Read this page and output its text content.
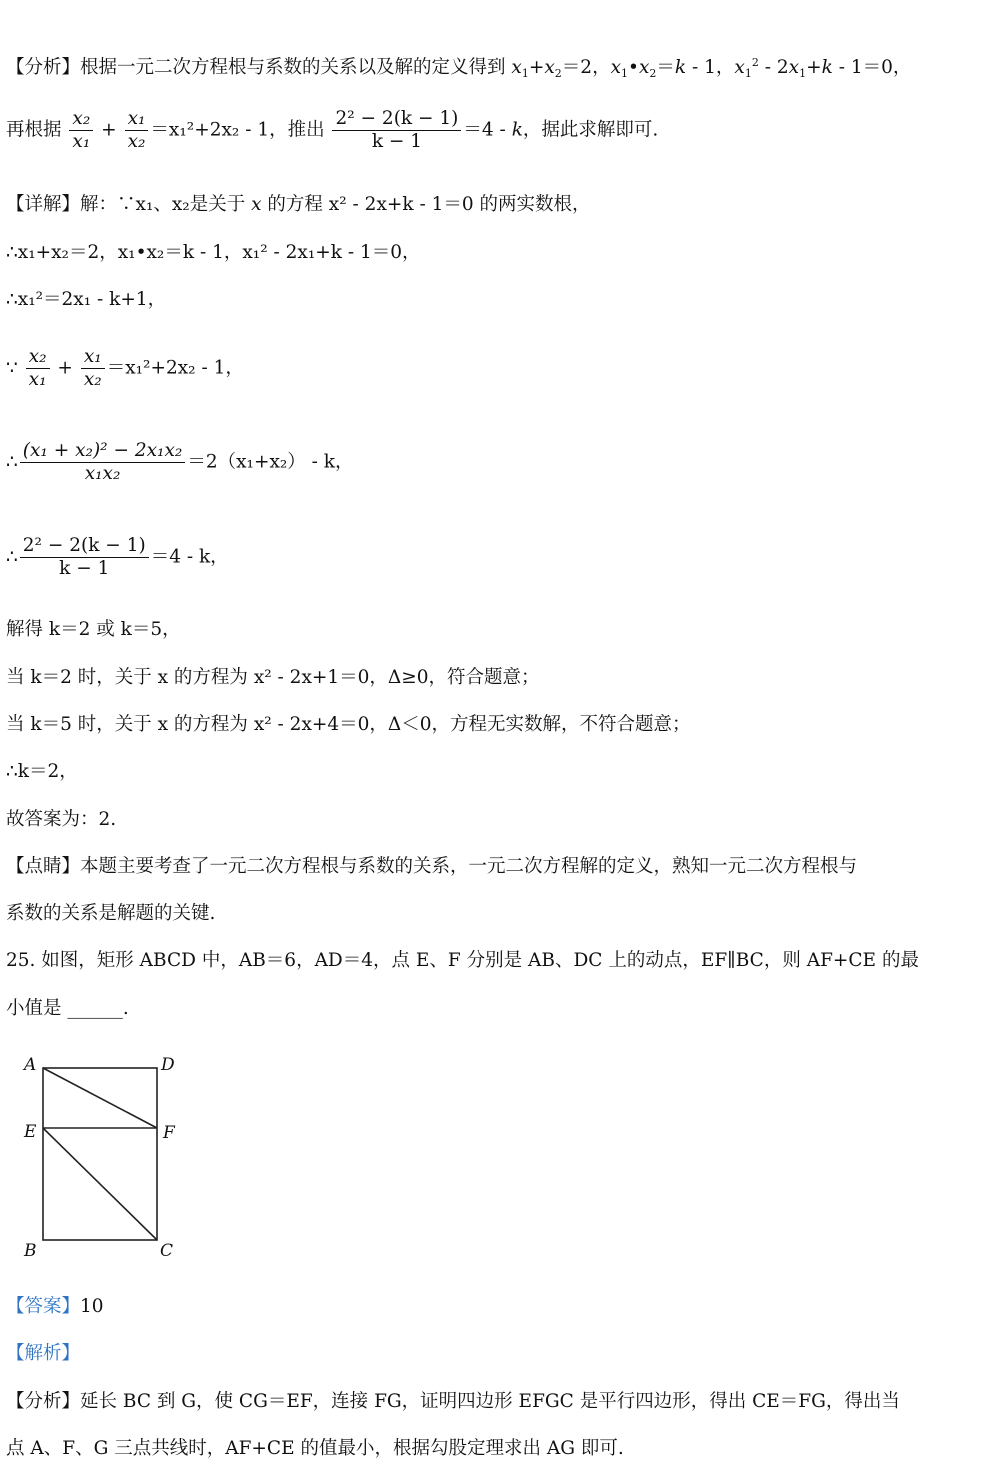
【分析】根据一元二次方程根与系数的关系以及解的定义得到 $x_1+x_2=2$，$x_1•x_2=k - 1$，$x_1^2 - 2x_1+k - 1=0$，
再根据 $\frac{\text{x₂}}{\text{x₁}} + \frac{\text{x₁}}{\text{x₂}} =x_1^2+2x_2 - 1$，推出 $\frac{\text{2² − 2(k − 1)}}{k - 1} =4 - k$，据此求解即可.
【详解】解：∵x₁、x₂是关于 x 的方程 x² - 2x+k - 1＝0 的两实数根，
∴x₁+x₂＝2，x₁•x₂＝k - 1，x₁² - 2x₁+k - 1＝0，
∴x₁²＝2x₁ - k+1，
∵ $\frac{\text{x₂}}{\text{x₁}} + \frac{\text{x₁}}{\text{x₂}} =x_1^2+2x_2 - 1$，
∴ $\frac{\text{(x₁ + x₂)² − 2x₁x₂}}{\text{x₁x₂}} =2(x_1+x_2) - k$，
∴ $\frac{\text{2² − 2(k − 1)}}{k - 1} =4 - k$，
解得 k＝2 或 k＝5，
当 k＝2 时，关于 x 的方程为 x² - 2x+1＝0，Δ≥0，符合题意；
当 k＝5 时，关于 x 的方程为 x² - 2x+4＝0，Δ＜0，方程无实数解，不符合题意；
∴k＝2，
故答案为：2.
【点睛】本题主要考查了一元二次方程根与系数的关系，一元二次方程解的定义，熟知一元二次方程根与
系数的关系是解题的关键.
25. 如图，矩形 ABCD 中，AB＝6，AD＝4，点 E、F 分别是 AB、DC 上的动点，EF∥BC，则 AF+CE 的最
小值是 ______.
A	D
E	F
B	C
【答案】10
【解析】
【分析】延长 BC 到 G，使 CG＝EF，连接 FG，证明四边形 EFGC 是平行四边形，得出 CE＝FG，得出当
点 A、F、G 三点共线时，AF+CE 的值最小，根据勾股定理求出 AG 即可.
